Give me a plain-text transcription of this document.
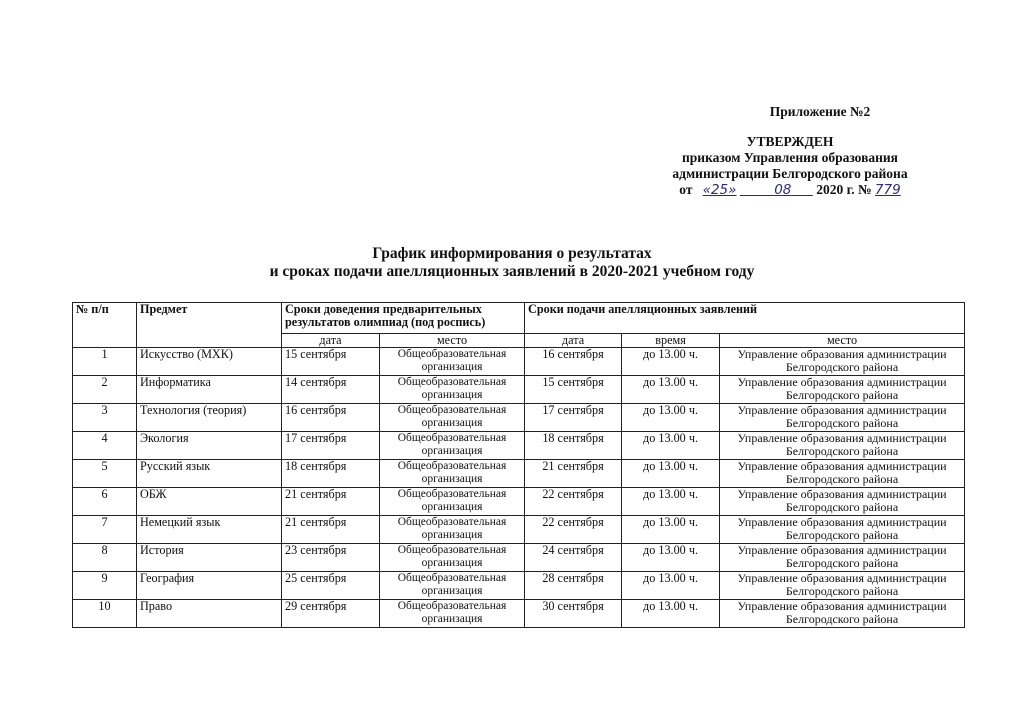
Приложение №2
УТВЕРЖДЕН
приказом Управления образования
администрации Белгородского района
от «25»	08 2020 г. № 779
График информирования о результатах
и сроках подачи апелляционных заявлений в 2020-2021 учебном году
№ п/п	Предмет	Сроки доведения предварительных результатов олимпиад (под роспись)		Сроки подачи апелляционных заявлений		
		дата	место	дата	время	место
1	Искусство (МХК)	15 сентября	Общеобразовательная организация	16 сентября	до 13.00 ч.	Управление образования администрации Белгородского района
2	Информатика	14 сентября	Общеобразовательная организация	15 сентября	до 13.00 ч.	Управление образования администрации Белгородского района
3	Технология (теория)	16 сентября	Общеобразовательная организация	17 сентября	до 13.00 ч.	Управление образования администрации Белгородского района
4	Экология	17 сентября	Общеобразовательная организация	18 сентября	до 13.00 ч.	Управление образования администрации Белгородского района
5	Русский язык	18 сентября	Общеобразовательная организация	21 сентября	до 13.00 ч.	Управление образования администрации Белгородского района
6	ОБЖ	21 сентября	Общеобразовательная организация	22 сентября	до 13.00 ч.	Управление образования администрации Белгородского района
7	Немецкий язык	21 сентября	Общеобразовательная организация	22 сентября	до 13.00 ч.	Управление образования администрации Белгородского района
8	История	23 сентября	Общеобразовательная организация	24 сентября	до 13.00 ч.	Управление образования администрации Белгородского района
9	География	25 сентября	Общеобразовательная организация	28 сентября	до 13.00 ч.	Управление образования администрации Белгородского района
10	Право	29 сентября	Общеобразовательная организация	30 сентября	до 13.00 ч.	Управление образования администрации Белгородского района
